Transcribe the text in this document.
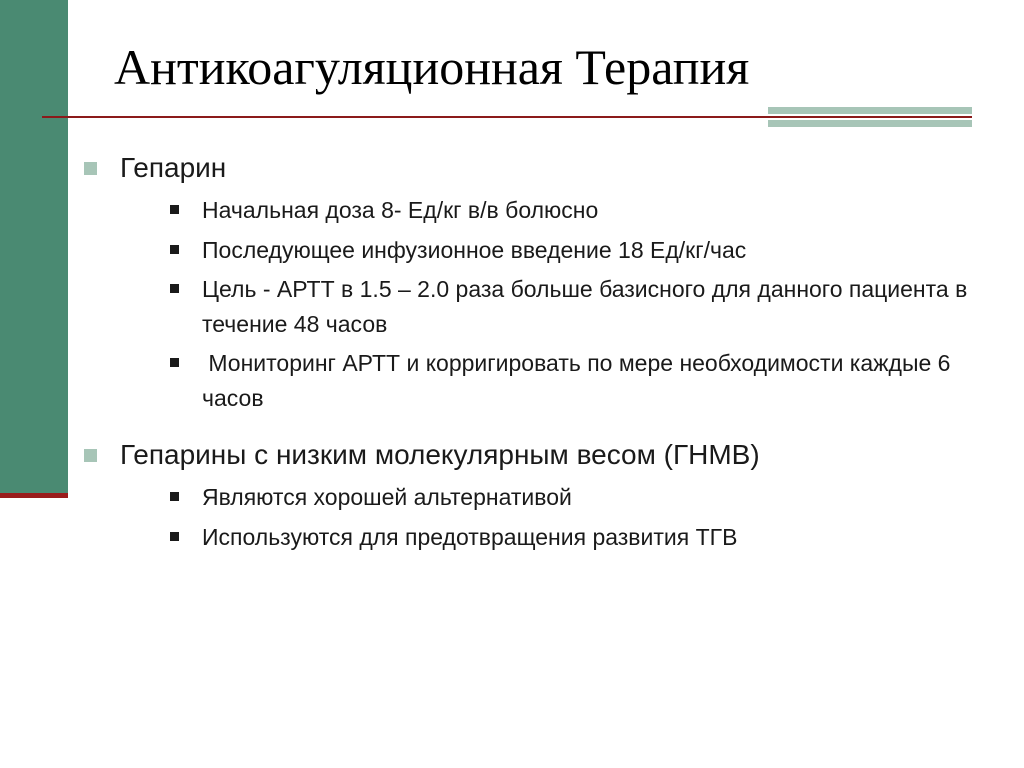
Антикоагуляционная Терапия
Гепарин
Начальная доза 8- Ед/кг в/в болюсно
Последующее инфузионное введение 18 Ед/кг/час
Цель - АРТТ в 1.5 – 2.0 раза больше базисного для данного пациента в течение 48 часов
Мониторинг АРТТ и корригировать по мере необходимости каждые 6 часов
Гепарины с низким молекулярным весом (ГНМВ)
Являются хорошей альтернативой
Используются для предотвращения развития ТГВ
